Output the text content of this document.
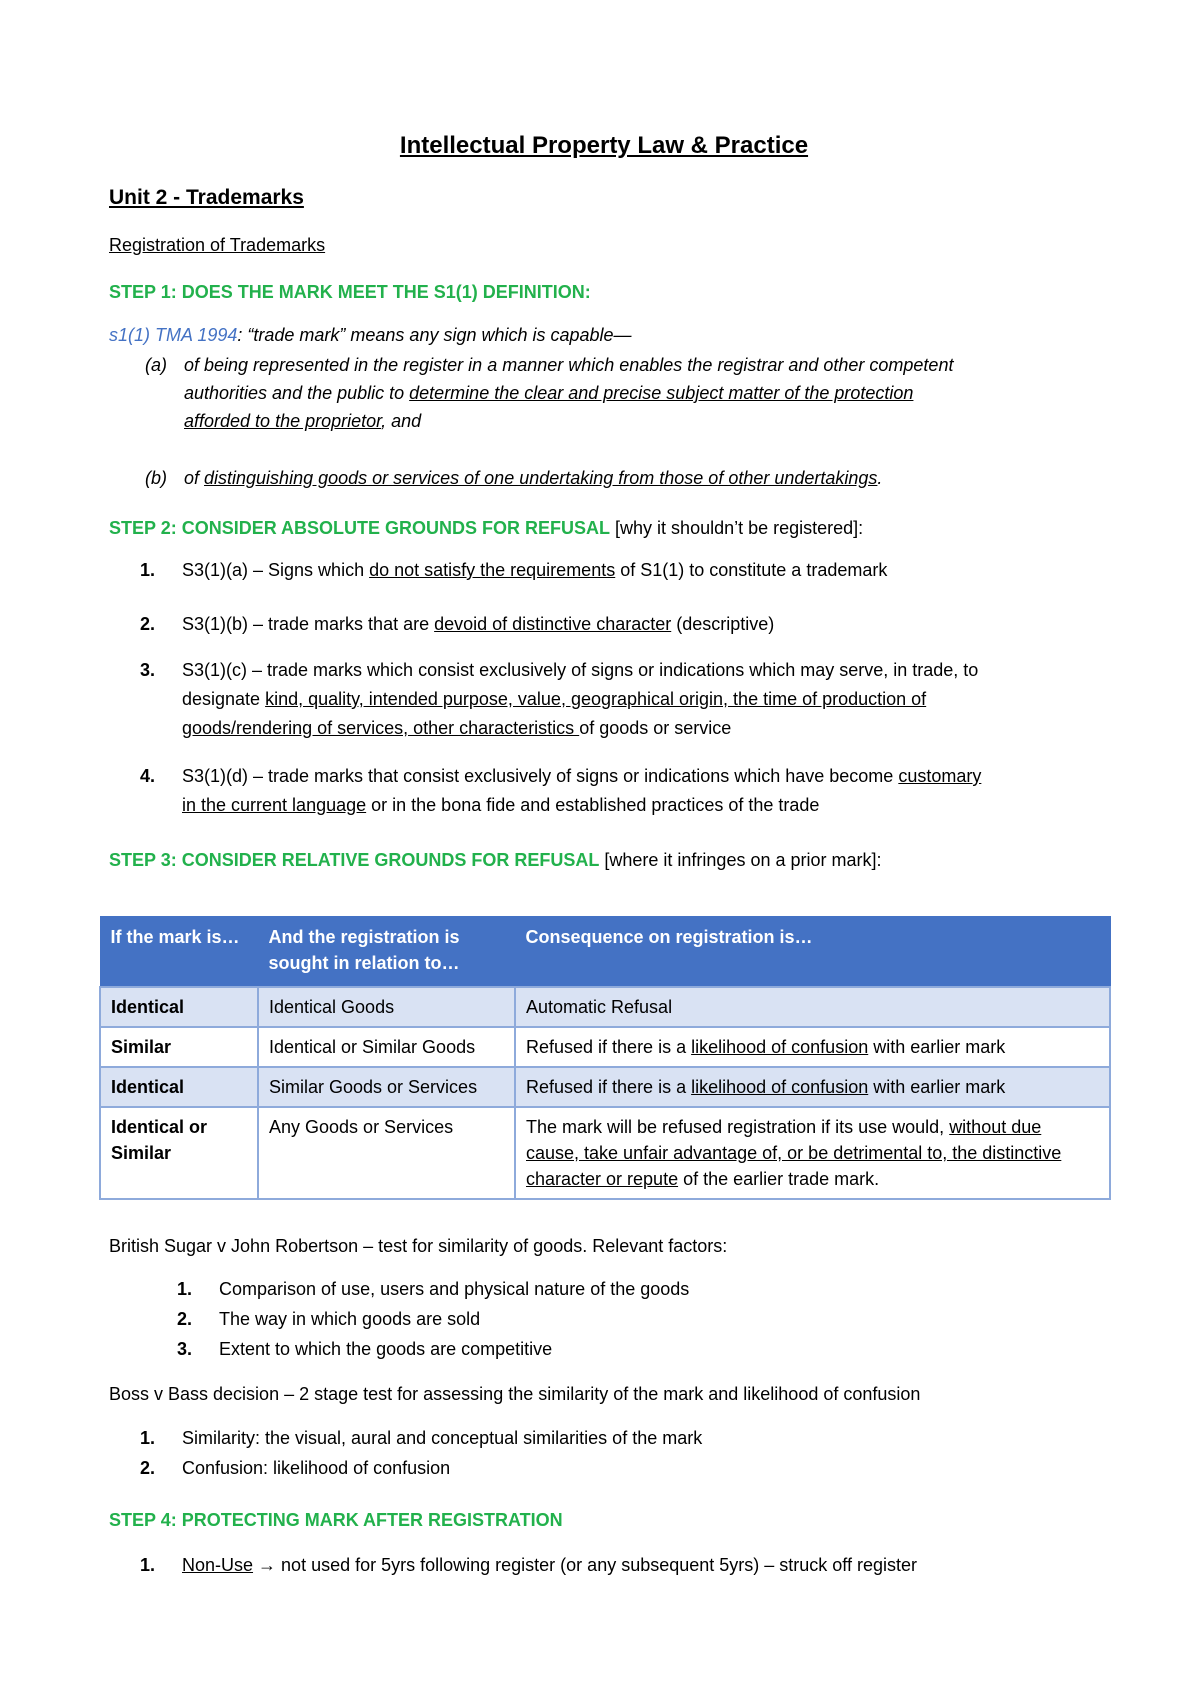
Intellectual Property Law & Practice
Unit 2 - Trademarks
Registration of Trademarks
STEP 1: DOES THE MARK MEET THE S1(1) DEFINITION:
s1(1) TMA 1994: “trade mark” means any sign which is capable—
(a) of being represented in the register in a manner which enables the registrar and other competent
authorities and the public to determine the clear and precise subject matter of the protection
afforded to the proprietor, and
(b) of distinguishing goods or services of one undertaking from those of other undertakings.
STEP 2: CONSIDER ABSOLUTE GROUNDS FOR REFUSAL [why it shouldn’t be registered]:
1. S3(1)(a) – Signs which do not satisfy the requirements of S1(1) to constitute a trademark
2. S3(1)(b) – trade marks that are devoid of distinctive character (descriptive)
3. S3(1)(c) – trade marks which consist exclusively of signs or indications which may serve, in trade, to
designate kind, quality, intended purpose, value, geographical origin, the time of production of
goods/rendering of services, other characteristics of goods or service
4. S3(1)(d) – trade marks that consist exclusively of signs or indications which have become customary
in the current language or in the bona fide and established practices of the trade
STEP 3: CONSIDER RELATIVE GROUNDS FOR REFUSAL [where it infringes on a prior mark]:
If the mark is…	And the registration is sought in relation to…	Consequence on registration is…
Identical	Identical Goods	Automatic Refusal
Similar	Identical or Similar Goods	Refused if there is a likelihood of confusion with earlier mark
Identical	Similar Goods or Services	Refused if there is a likelihood of confusion with earlier mark
Identical or Similar	Any Goods or Services	The mark will be refused registration if its use would, without due cause, take unfair advantage of, or be detrimental to, the distinctive character or repute of the earlier trade mark.
British Sugar v John Robertson – test for similarity of goods. Relevant factors:
1. Comparison of use, users and physical nature of the goods
2. The way in which goods are sold
3. Extent to which the goods are competitive
Boss v Bass decision – 2 stage test for assessing the similarity of the mark and likelihood of confusion
1. Similarity: the visual, aural and conceptual similarities of the mark
2. Confusion: likelihood of confusion
STEP 4: PROTECTING MARK AFTER REGISTRATION
1. Non-Use → not used for 5yrs following register (or any subsequent 5yrs) – struck off register
